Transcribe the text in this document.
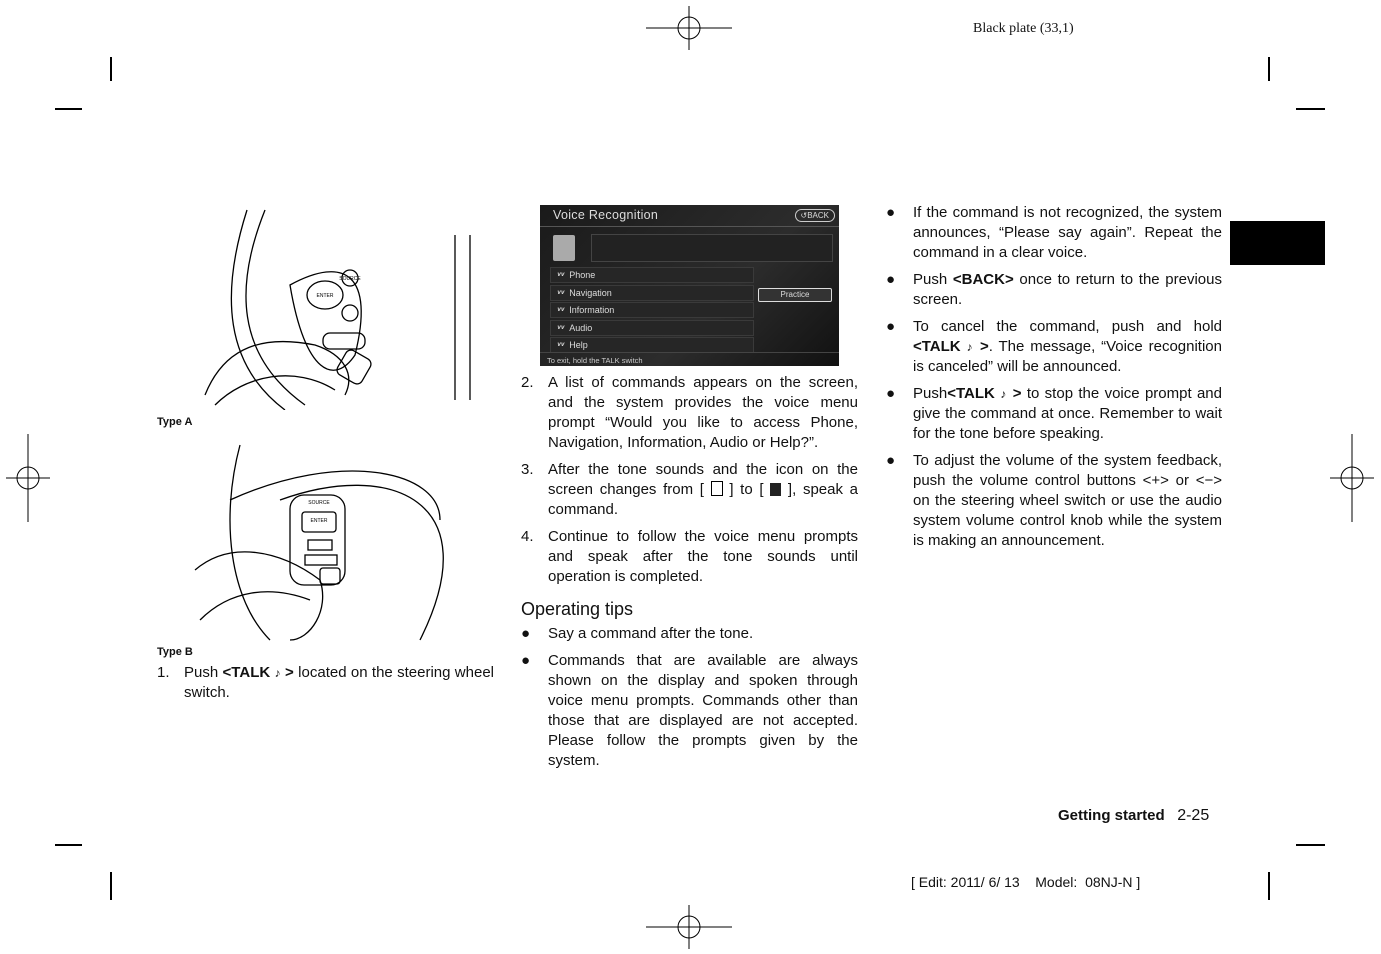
Black plate (33,1)
SOURCE
ENTER
Type A
SOURCE
ENTER
Type B
1. Push <TALK ♪ > located on the steering wheel switch.
Voice Recognition	↺BACK
ᵛᵛ Phone
ᵛᵛ Navigation
ᵛᵛ Information
ᵛᵛ Audio
ᵛᵛ Help
Practice
To exit, hold the TALK switch
2. A list of commands appears on the screen, and the system provides the voice menu prompt “Would you like to access Phone, Navigation, Information, Audio or Help?”.
3. After the tone sounds and the icon on the screen changes from [  ] to [  ], speak a command.
4. Continue to follow the voice menu prompts and speak after the tone sounds until operation is completed.
Operating tips
● Say a command after the tone.
● Commands that are available are always shown on the display and spoken through voice menu prompts. Commands other than those that are displayed are not accepted. Please follow the prompts given by the system.
● If the command is not recognized, the system announces, “Please say again”. Repeat the command in a clear voice.
● Push <BACK> once to return to the previous screen.
● To cancel the command, push and hold <TALK ♪ >. The message, “Voice recognition is canceled” will be announced.
● Push<TALK ♪ > to stop the voice prompt and give the command at once. Remember to wait for the tone before speaking.
● To adjust the volume of the system feedback, push the volume control buttons <+> or <−> on the steering wheel switch or use the audio system volume control knob while the system is making an announcement.
Getting started 2-25
[ Edit: 2011/ 6/ 13    Model:  08NJ-N ]
